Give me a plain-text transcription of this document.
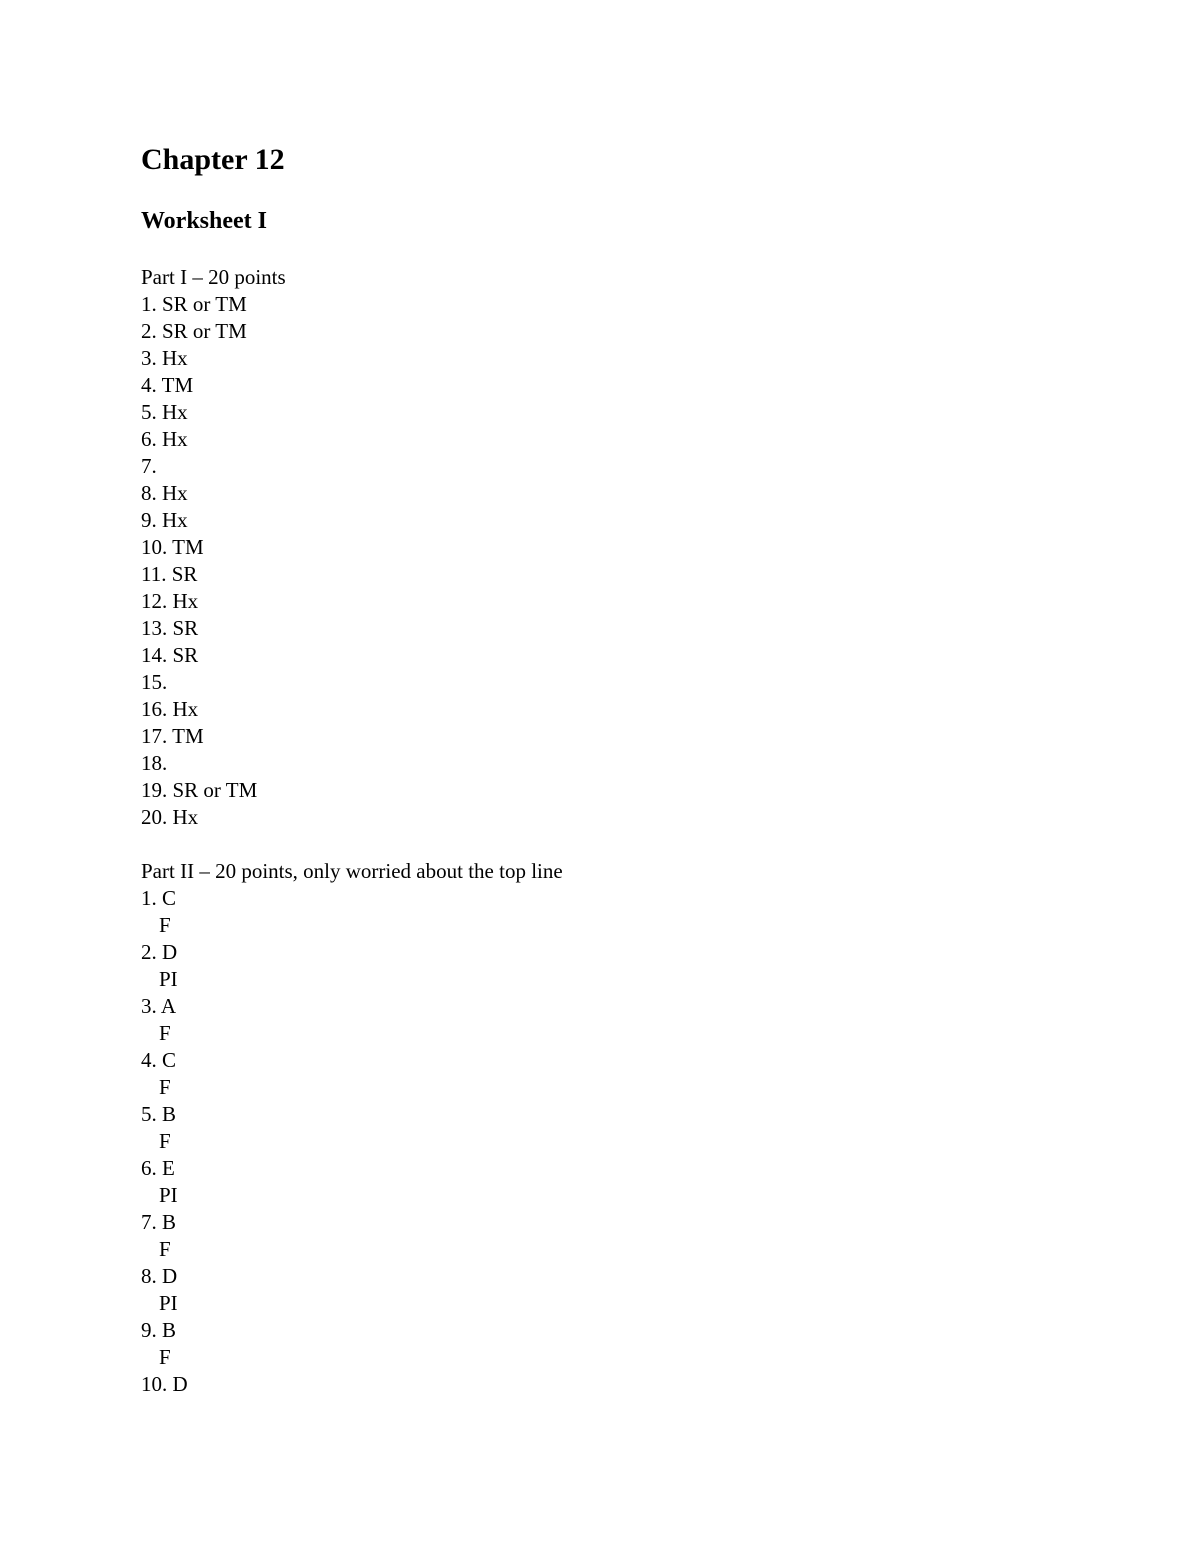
Chapter 12
Worksheet I
Part I – 20 points
1. SR or TM
2. SR or TM
3. Hx
4. TM
5. Hx
6. Hx
7.
8. Hx
9. Hx
10. TM
11. SR
12. Hx
13. SR
14. SR
15.
16. Hx
17. TM
18.
19. SR or TM
20. Hx
Part II – 20 points, only worried about the top line
1. C
F
2. D
PI
3. A
F
4. C
F
5. B
F
6. E
PI
7. B
F
8. D
PI
9. B
F
10. D
